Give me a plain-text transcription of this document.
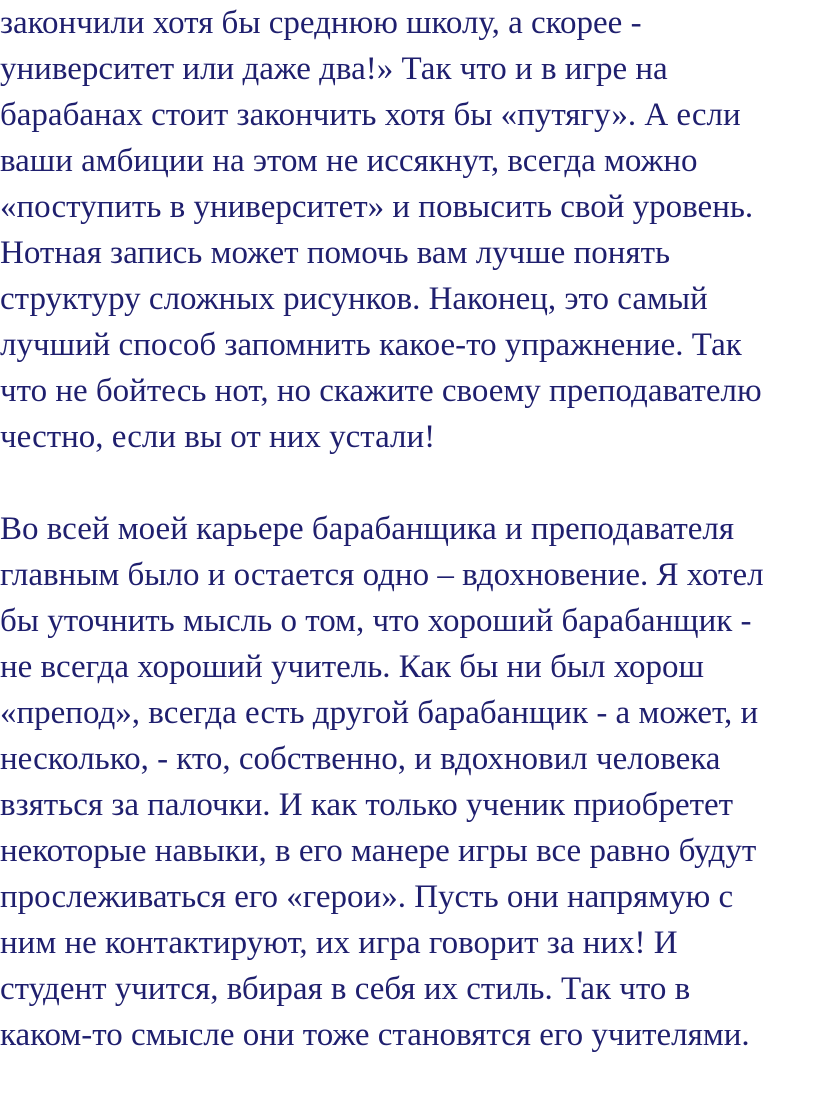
закончили хотя бы среднюю школу, а скорее -
университет или даже два!» Так что и в игре на
барабанах стоит закончить хотя бы «путягу». А если
ваши амбиции на этом не иссякнут, всегда можно
«поступить в университет» и повысить свой уровень.
Нотная запись может помочь вам лучше понять
структуру сложных рисунков. Наконец, это самый
лучший способ запомнить какое-то упражнение. Так
что не бойтесь нот, но скажите своему преподавателю
честно, если вы от них устали!
Во всей моей карьере барабанщика и преподавателя
главным было и остается одно – вдохновение. Я хотел
бы уточнить мысль о том, что хороший барабанщик -
не всегда хороший учитель. Как бы ни был хорош
«препод», всегда есть другой барабанщик - а может, и
несколько, - кто, собственно, и вдохновил человека
взяться за палочки. И как только ученик приобретет
некоторые навыки, в его манере игры все равно будут
прослеживаться его «герои». Пусть они напрямую с
ним не контактируют, их игра говорит за них! И
студент учится, вбирая в себя их стиль. Так что в
каком-то смысле они тоже становятся его учителями.
